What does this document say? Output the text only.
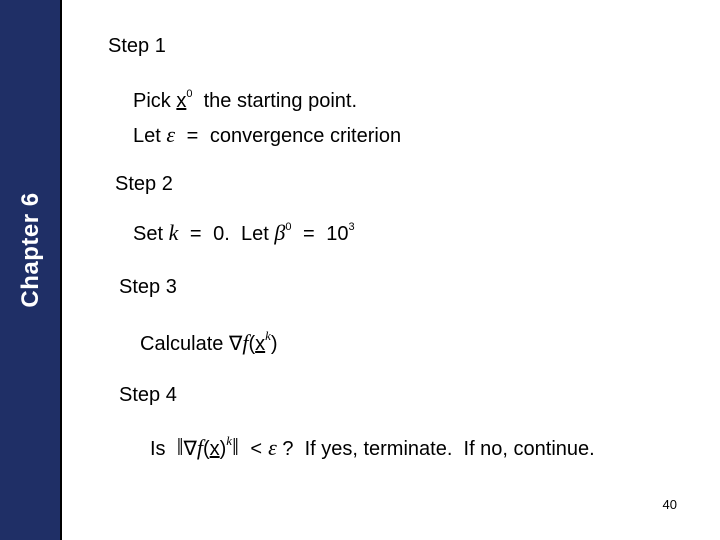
Chapter 6
Step 1
Pick $x^0$ the starting point.
Let ε = convergence criterion
Step 2
Set k = 0. Let $\beta^0 = 10^3$
Step 3
Calculate $\nabla f(x^k)$
Step 4
Is $‖\nabla f(x)^k‖ < \varepsilon$ ? If yes, terminate.  If no, continue.
40
